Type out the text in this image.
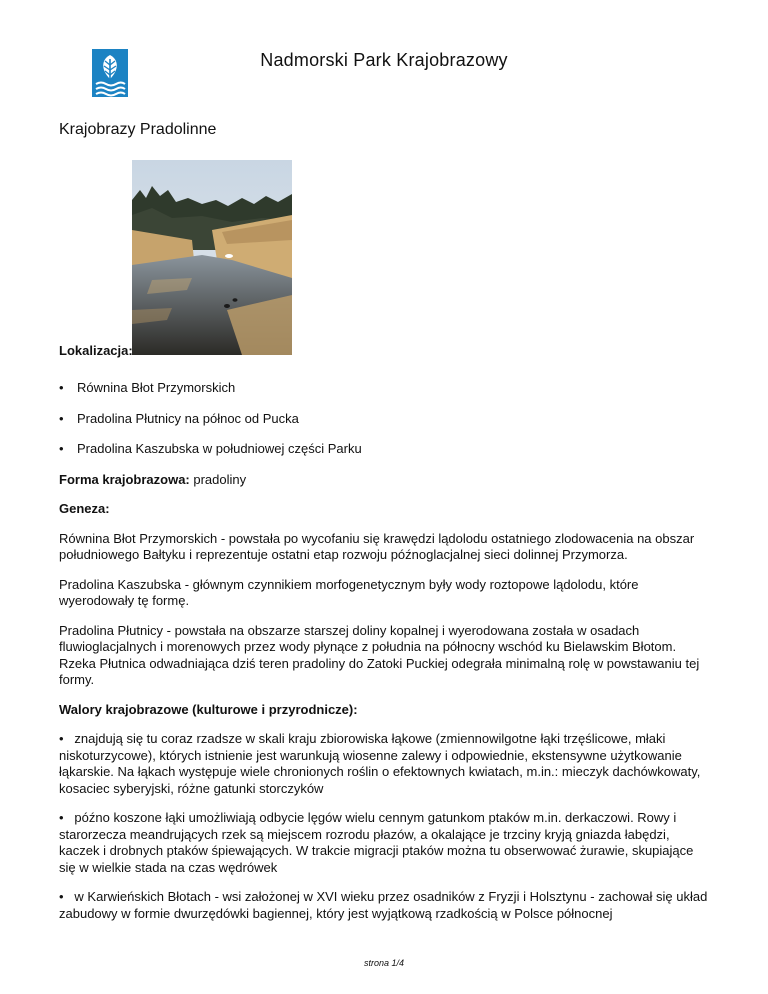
Nadmorski Park Krajobrazowy
Krajobrazy Pradolinne
Lokalizacja:

•	Równina Błot Przymorskich

•	Pradolina Płutnicy na północ od Pucka

•	Pradolina Kaszubska w południowej części Parku

Forma krajobrazowa: pradoliny

Geneza:

Równina Błot Przymorskich - powstała po wycofaniu się krawędzi lądolodu ostatniego zlodowacenia na obszar południowego Bałtyku i reprezentuje ostatni etap rozwoju późnoglacjalnej sieci dolinnej Przymorza.

Pradolina Kaszubska - głównym czynnikiem morfogenetycznym były wody roztopowe lądolodu, które wyerodowały tę formę.

Pradolina Płutnicy - powstała na obszarze starszej doliny kopalnej i wyerodowana została w osadach fluwioglacjalnych i morenowych przez wody płynące z południa na północny wschód ku Bielawskim Błotom. Rzeka Płutnica odwadniająca dziś teren pradoliny do Zatoki Puckiej odegrała minimalną rolę w powstawaniu tej formy.

Walory krajobrazowe (kulturowe i przyrodnicze):

• znajdują się tu coraz rzadsze w skali kraju zbiorowiska łąkowe (zmiennowilgotne łąki trzęślicowe, młaki niskoturzycowe), których istnienie jest warunkują wiosenne zalewy i odpowiednie, ekstensywne użytkowanie łąkarskie. Na łąkach występuje wiele chronionych roślin o efektownych kwiatach, m.in.: mieczyk dachówkowaty, kosaciec syberyjski, różne gatunki storczyków

• późno koszone łąki umożliwiają odbycie lęgów wielu cennym gatunkom ptaków m.in. derkaczowi. Rowy i starorzecza meandrujących rzek są miejscem rozrodu płazów, a okalające je trzciny kryją gniazda łabędzi, kaczek i drobnych ptaków śpiewających. W trakcie migracji ptaków można tu obserwować żurawie, skupiające się w wielkie stada na czas wędrówek

• w Karwieńskich Błotach - wsi założonej w XVI wieku przez osadników z Fryzji i Holsztynu - zachował się układ zabudowy w formie dwurzędówki bagiennej, który jest wyjątkową rzadkością w Polsce północnej

strona 1/4
